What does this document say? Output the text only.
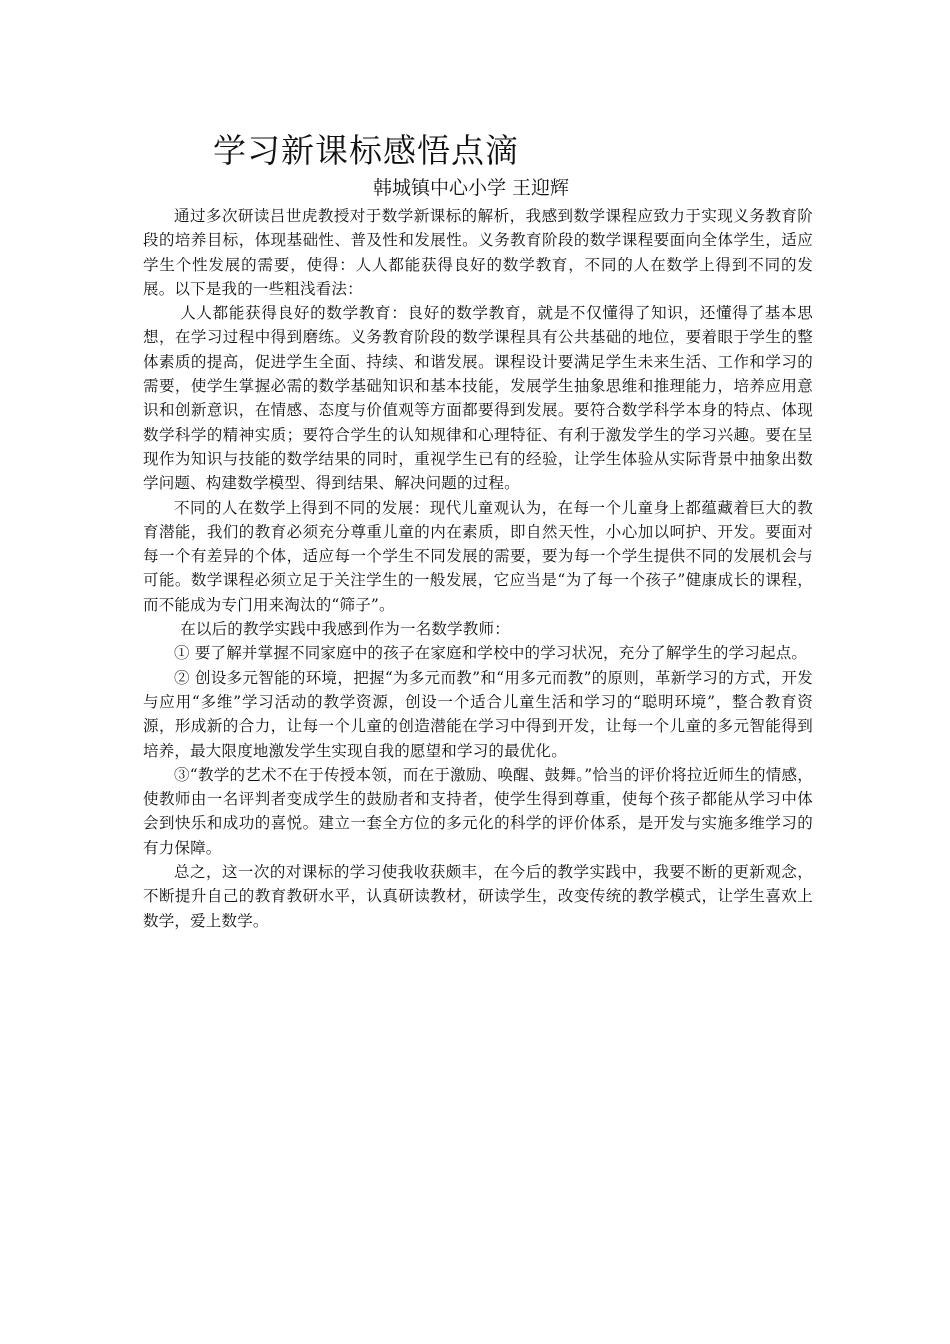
学习新课标感悟点滴
韩城镇中心小学 王迎辉

通过多次研读吕世虎教授对于数学新课标的解析，我感到数学课程应致力于实现义务教育阶段的培养目标，体现基础性、普及性和发展性。义务教育阶段的数学课程要面向全体学生，适应学生个性发展的需要，使得：人人都能获得良好的数学教育，不同的人在数学上得到不同的发展。以下是我的一些粗浅看法：

人人都能获得良好的数学教育：良好的数学教育，就是不仅懂得了知识，还懂得了基本思想，在学习过程中得到磨练。义务教育阶段的数学课程具有公共基础的地位，要着眼于学生的整体素质的提高，促进学生全面、持续、和谐发展。课程设计要满足学生未来生活、工作和学习的需要，使学生掌握必需的数学基础知识和基本技能，发展学生抽象思维和推理能力，培养应用意识和创新意识，在情感、态度与价值观等方面都要得到发展。要符合数学科学本身的特点、体现数学科学的精神实质；要符合学生的认知规律和心理特征、有利于激发学生的学习兴趣。要在呈现作为知识与技能的数学结果的同时，重视学生已有的经验，让学生体验从实际背景中抽象出数学问题、构建数学模型、得到结果、解决问题的过程。

不同的人在数学上得到不同的发展：现代儿童观认为，在每一个儿童身上都蕴藏着巨大的教育潜能，我们的教育必须充分尊重儿童的内在素质，即自然天性，小心加以呵护、开发。要面对每一个有差异的个体，适应每一个学生不同发展的需要，要为每一个学生提供不同的发展机会与可能。数学课程必须立足于关注学生的一般发展，它应当是“为了每一个孩子”健康成长的课程，而不能成为专门用来淘汰的“筛子”。

在以后的教学实践中我感到作为一名数学教师：

① 要了解并掌握不同家庭中的孩子在家庭和学校中的学习状况，充分了解学生的学习起点。

② 创设多元智能的环境，把握“为多元而教”和“用多元而教”的原则，革新学习的方式，开发与应用“多维”学习活动的教学资源，创设一个适合儿童生活和学习的“聪明环境”，整合教育资源，形成新的合力，让每一个儿童的创造潜能在学习中得到开发，让每一个儿童的多元智能得到培养，最大限度地激发学生实现自我的愿望和学习的最优化。

③“教学的艺术不在于传授本领，而在于激励、唤醒、鼓舞。”恰当的评价将拉近师生的情感，使教师由一名评判者变成学生的鼓励者和支持者，使学生得到尊重，使每个孩子都能从学习中体会到快乐和成功的喜悦。建立一套全方位的多元化的科学的评价体系，是开发与实施多维学习的有力保障。

总之，这一次的对课标的学习使我收获颇丰，在今后的教学实践中，我要不断的更新观念，不断提升自己的教育教研水平，认真研读教材，研读学生，改变传统的教学模式，让学生喜欢上数学，爱上数学。
